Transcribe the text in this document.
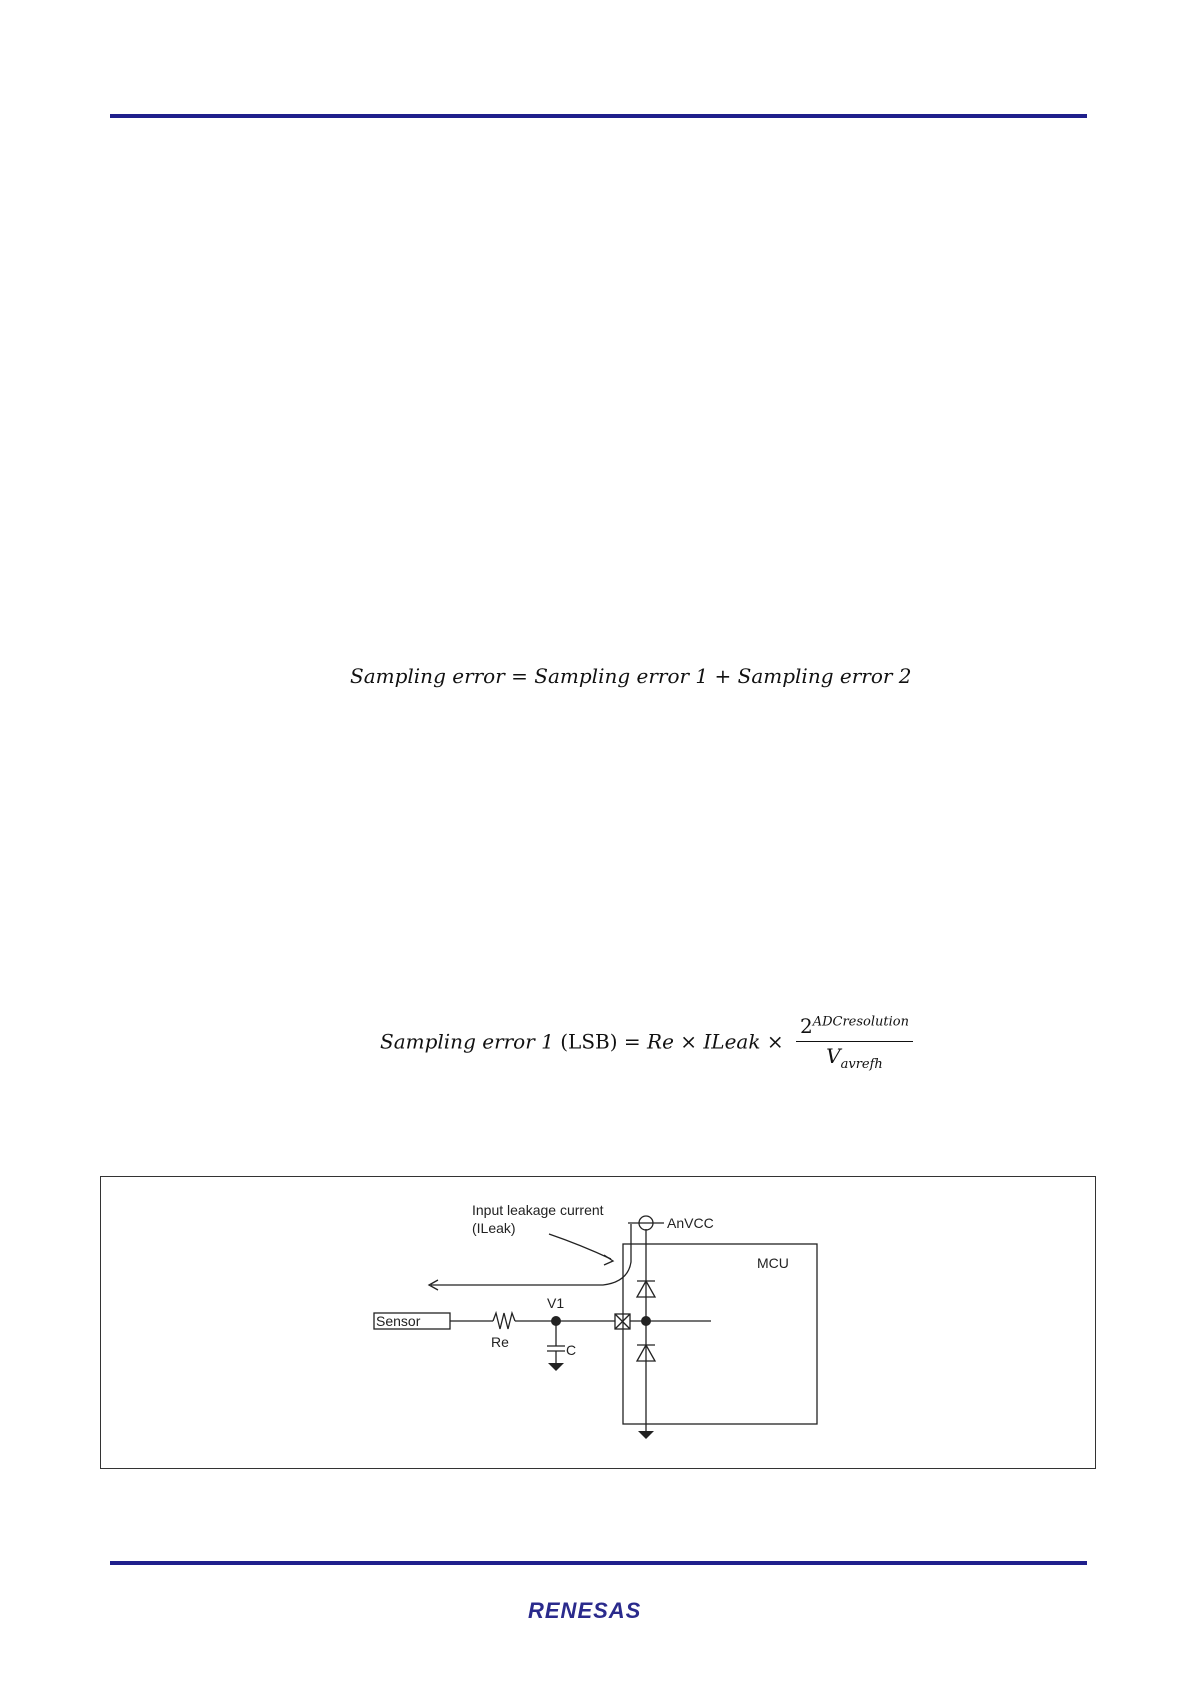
Sampling error = Sampling error 1 + Sampling error 2
Sampling error 1 (LSB) = Re × ILeak × $\frac{2^{ADCresolution}}{V_{avrefh}}$
Input leakage current
(ILeak)	AnVCC
MCU
Sensor
V1
Re	C
RENESAS
